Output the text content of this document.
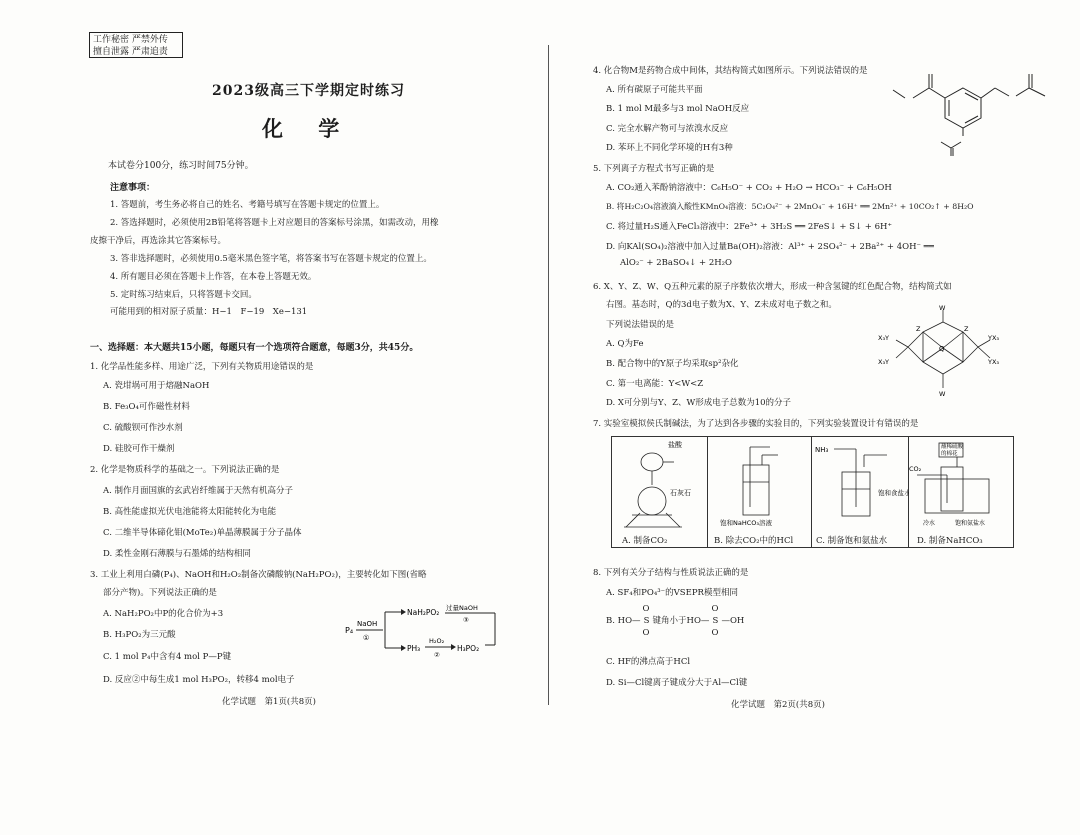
工作秘密 严禁外传
擅自泄露 严肃追责
2023级高三下学期定时练习
化 学
本试卷分100分，练习时间75分钟。
注意事项：
1. 答题前，考生务必将自己的姓名、考籍号填写在答题卡规定的位置上。
2. 答选择题时，必须使用2B铅笔将答题卡上对应题目的答案标号涂黑，如需改动，用橡
皮擦干净后，再选涂其它答案标号。
3. 答非选择题时，必须使用0.5毫米黑色签字笔，将答案书写在答题卡规定的位置上。
4. 所有题目必须在答题卡上作答，在本卷上答题无效。
5. 定时练习结束后，只将答题卡交回。
可能用到的相对原子质量：H−1　F−19　Xe−131
一、选择题：本大题共15小题，每题只有一个选项符合题意，每题3分，共45分。
1. 化学品性能多样、用途广泛，下列有关物质用途错误的是
A. 瓷坩埚可用于熔融NaOH
B. Fe₃O₄可作磁性材料
C. 硫酸钡可作沙水剂
D. 硅胶可作干燥剂
2. 化学是物质科学的基础之一。下列说法正确的是
A. 制作月面国旗的玄武岩纤维属于天然有机高分子
B. 高性能虚拟光伏电池能将太阳能转化为电能
C. 二维半导体碲化钼(MoTe₂)单晶薄膜属于分子晶体
D. 柔性金刚石薄膜与石墨烯的结构相同
3. 工业上利用白磷(P₄)、NaOH和H₂O₂制备次磷酸钠(NaH₂PO₂)，主要转化如下图(省略
部分产物)。下列说法正确的是
A. NaH₂PO₂中P的化合价为+3
B. H₃PO₂为三元酸
C. 1 mol P₄中含有4 mol P—P键
D. 反应②中每生成1 mol H₃PO₂，转移4 mol电子
P₄
NaOH
①
NaH₂PO₂ 过量NaOH
③
PH₃
H₂O₂
②
H₃PO₂
化学试题　第1页(共8页)
4. 化合物M是药物合成中间体，其结构简式如图所示。下列说法错误的是
A. 所有碳原子可能共平面
B. 1 mol M最多与3 mol NaOH反应
C. 完全水解产物可与浓溴水反应
D. 苯环上不同化学环境的H有3种
5. 下列离子方程式书写正确的是
A. CO₂通入苯酚钠溶液中：C₆H₅O⁻ + CO₂ + H₂O → HCO₃⁻ + C₆H₅OH
B. 将H₂C₂O₄溶液滴入酸性KMnO₄溶液：5C₂O₄²⁻ + 2MnO₄⁻ + 16H⁺ ══ 2Mn²⁺ + 10CO₂↑ + 8H₂O
C. 将过量H₂S通入FeCl₃溶液中：2Fe³⁺ + 3H₂S ══ 2FeS↓ + S↓ + 6H⁺
D. 向KAl(SO₄)₂溶液中加入过量Ba(OH)₂溶液：Al³⁺ + 2SO₄²⁻ + 2Ba²⁺ + 4OH⁻ ══
AlO₂⁻ + 2BaSO₄↓ + 2H₂O
6. X、Y、Z、W、Q五种元素的原子序数依次增大，形成一种含氢键的红色配合物，结构简式如
右图。基态时，Q的3d电子数为X、Y、Z未成对电子数之和。
下列说法错误的是
A. Q为Fe
B. 配合物中的Y原子均采取sp²杂化
C. 第一电离能：Y<W<Z
D. X可分别与Y、Z、W形成电子总数为10的分子
Q
W
W
Z	Z
X₃Y
X₃Y
YX₃
YX₃
7. 实验室模拟侯氏制碱法，为了达到各步骤的实验目的，下列实验装置设计有错误的是
盐酸
石灰石
A. 制备CO₂
饱和NaHCO₃溶液
B. 除去CO₂中的HCl
NH₃
饱和食盐水
C. 制备饱和氨盐水
蘸稀硫酸
的棉花
CO₂
冷水	饱和氨盐水
D. 制备NaHCO₃
8. 下列有关分子结构与性质说法正确的是
A. SF₄和PO₄³⁻的VSEPR模型相同
B. HO—
O
S
O
键角小于HO—
O
S
O
—OH
C. HF的沸点高于HCl
D. Si—Cl键离子键成分大于Al—Cl键
化学试题　第2页(共8页)
